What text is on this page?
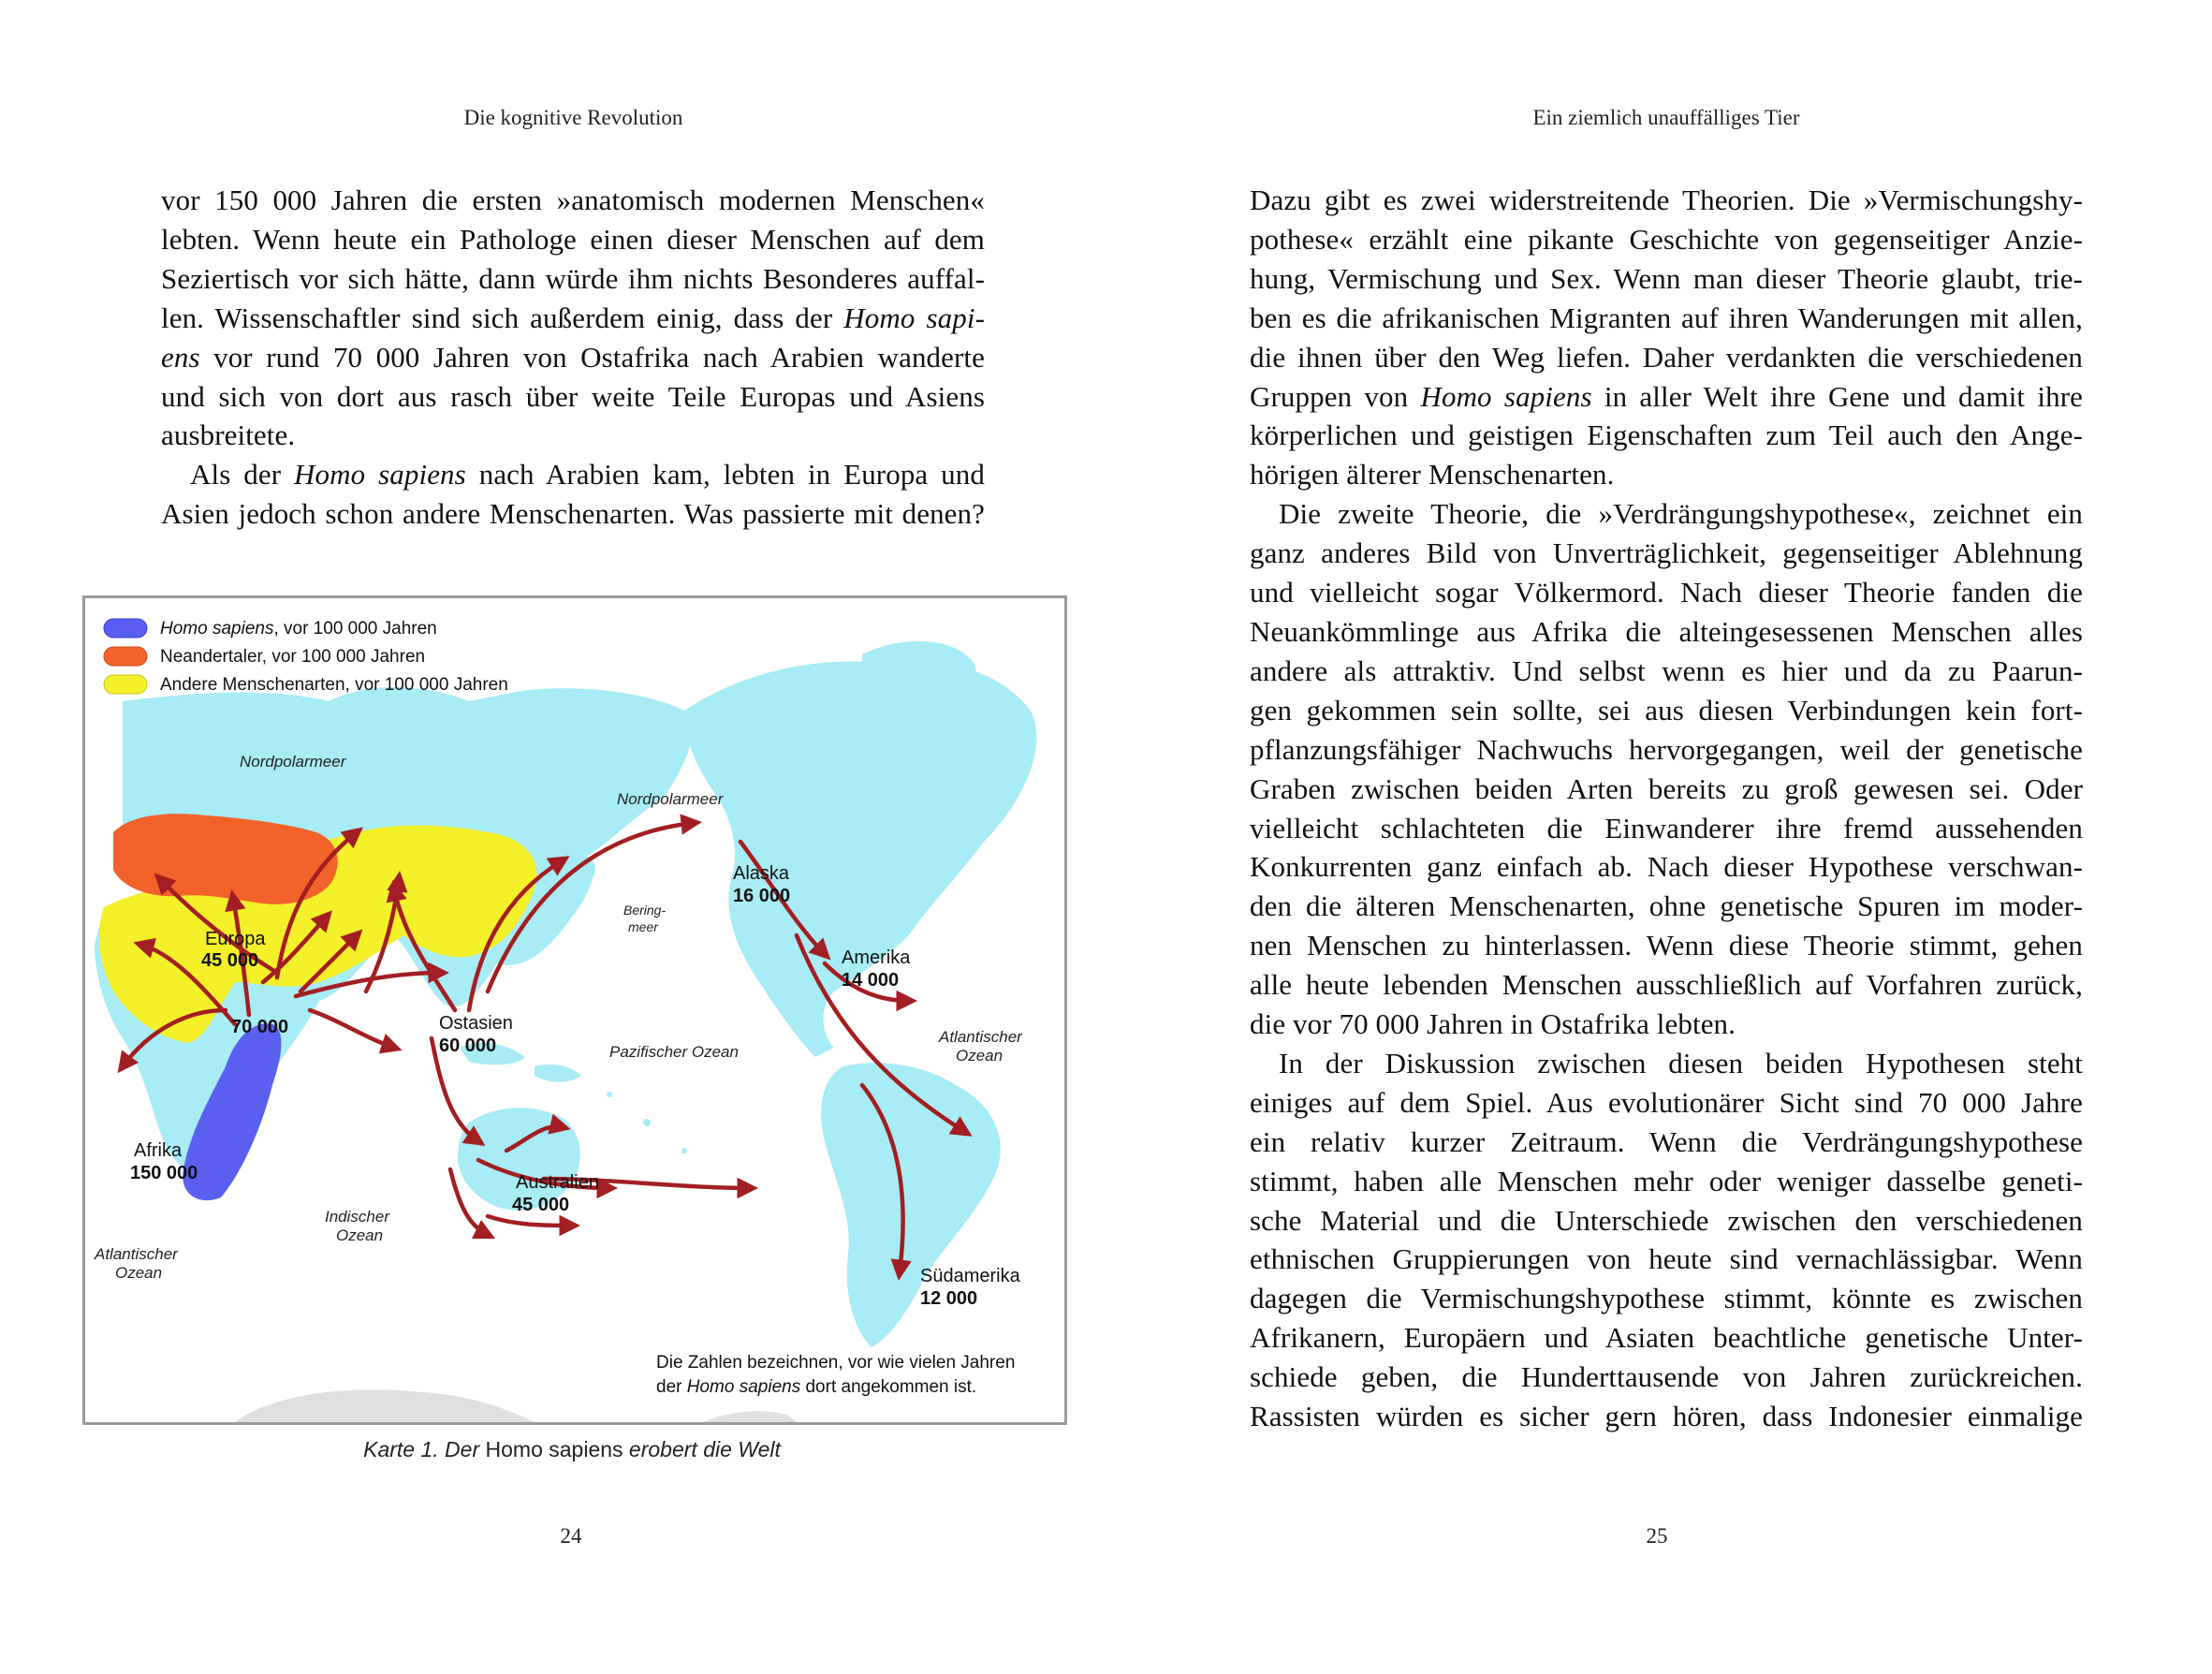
Die kognitive Revolution
vor 150 000 Jahren die ersten »anatomisch modernen Menschen«
lebten. Wenn heute ein Pathologe einen dieser Menschen auf dem
Seziertisch vor sich hätte, dann würde ihm nichts Besonderes auffal-
len. Wissenschaftler sind sich außerdem einig, dass der Homo sapi-
ens vor rund 70 000 Jahren von Ostafrika nach Arabien wanderte
und sich von dort aus rasch über weite Teile Europas und Asiens
ausbreitete.
Als der Homo sapiens nach Arabien kam, lebten in Europa und
Asien jedoch schon andere Menschenarten. Was passierte mit denen?
Homo sapiens, vor 100 000 Jahren
Neandertaler, vor 100 000 Jahren
Andere Menschenarten, vor 100 000 Jahren
Nordpolarmeer
Nordpolarmeer
Bering-
meer
Pazifischer Ozean
Atlantischer
Ozean
Indischer
Ozean
Atlantischer
Ozean
Europa
45 000
70 000	Ostasien
60 000
Afrika
150 000	Australien
45 000
Alaska
16 000
Amerika
14 000
Südamerika
12 000
Die Zahlen bezeichnen, vor wie vielen Jahren
der Homo sapiens dort angekommen ist.
Karte 1. Der Homo sapiens erobert die Welt
24
Ein ziemlich unauffälliges Tier
Dazu gibt es zwei widerstreitende Theorien. Die »Vermischungshy-
pothese« erzählt eine pikante Geschichte von gegenseitiger Anzie-
hung, Vermischung und Sex. Wenn man dieser Theorie glaubt, trie-
ben es die afrikanischen Migranten auf ihren Wanderungen mit allen,
die ihnen über den Weg liefen. Daher verdankten die verschiedenen
Gruppen von Homo sapiens in aller Welt ihre Gene und damit ihre
körperlichen und geistigen Eigenschaften zum Teil auch den Ange-
hörigen älterer Menschenarten.
Die zweite Theorie, die »Verdrängungshypothese«, zeichnet ein
ganz anderes Bild von Unverträglichkeit, gegenseitiger Ablehnung
und vielleicht sogar Völkermord. Nach dieser Theorie fanden die
Neuankömmlinge aus Afrika die alteingesessenen Menschen alles
andere als attraktiv. Und selbst wenn es hier und da zu Paarun-
gen gekommen sein sollte, sei aus diesen Verbindungen kein fort-
pflanzungsfähiger Nachwuchs hervorgegangen, weil der genetische
Graben zwischen beiden Arten bereits zu groß gewesen sei. Oder
vielleicht schlachteten die Einwanderer ihre fremd aussehenden
Konkurrenten ganz einfach ab. Nach dieser Hypothese verschwan-
den die älteren Menschenarten, ohne genetische Spuren im moder-
nen Menschen zu hinterlassen. Wenn diese Theorie stimmt, gehen
alle heute lebenden Menschen ausschließlich auf Vorfahren zurück,
die vor 70 000 Jahren in Ostafrika lebten.
In der Diskussion zwischen diesen beiden Hypothesen steht
einiges auf dem Spiel. Aus evolutionärer Sicht sind 70 000 Jahre
ein relativ kurzer Zeitraum. Wenn die Verdrängungshypothese
stimmt, haben alle Menschen mehr oder weniger dasselbe geneti-
sche Material und die Unterschiede zwischen den verschiedenen
ethnischen Gruppierungen von heute sind vernachlässigbar. Wenn
dagegen die Vermischungshypothese stimmt, könnte es zwischen
Afrikanern, Europäern und Asiaten beachtliche genetische Unter-
schiede geben, die Hunderttausende von Jahren zurückreichen.
Rassisten würden es sicher gern hören, dass Indonesier einmalige
25
